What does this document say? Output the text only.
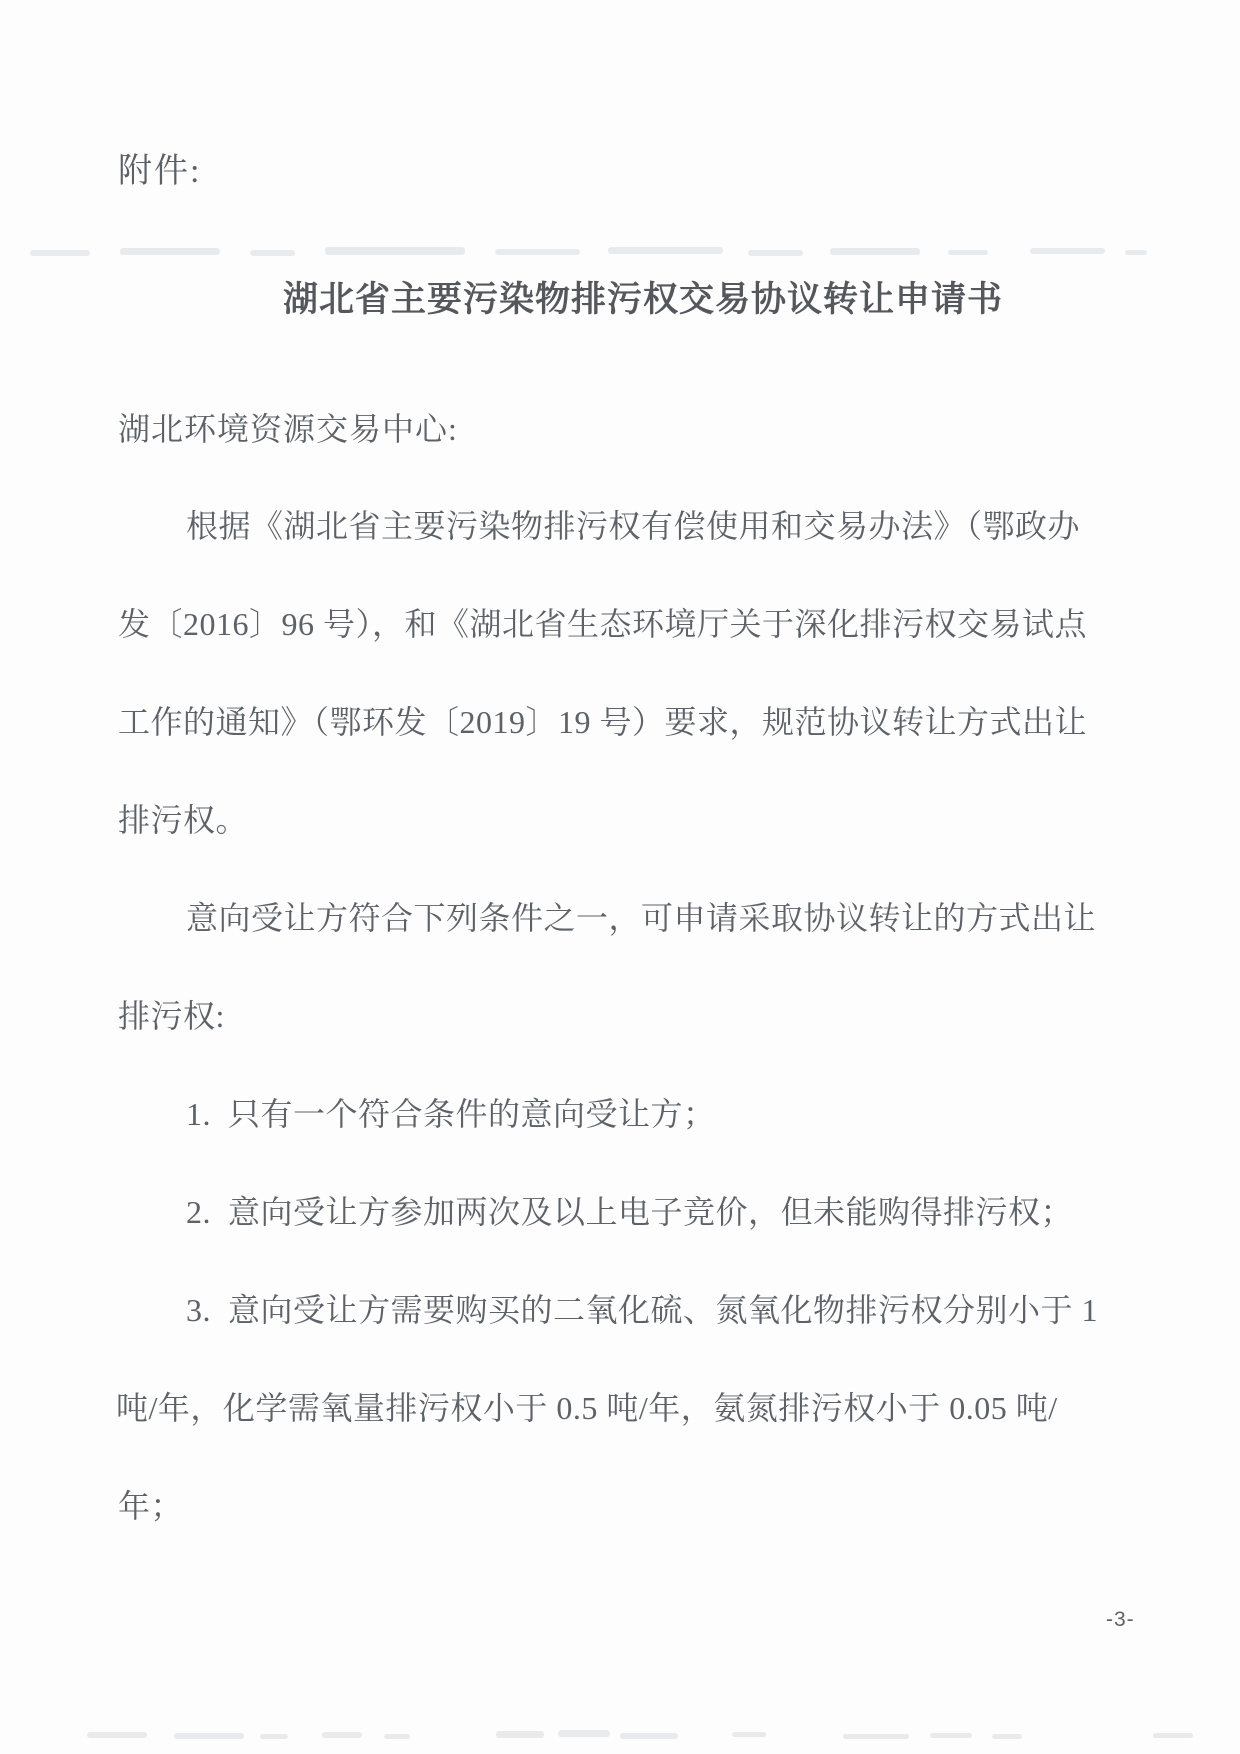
附件:
湖北省主要污染物排污权交易协议转让申请书
湖北环境资源交易中心:
根据《湖北省主要污染物排污权有偿使用和交易办法》（鄂政办
发〔2016〕96 号），和《湖北省生态环境厅关于深化排污权交易试点
工作的通知》（鄂环发〔2019〕19 号）要求，规范协议转让方式出让
排污权。
意向受让方符合下列条件之一，可申请采取协议转让的方式出让
排污权:
1.  只有一个符合条件的意向受让方；
2.  意向受让方参加两次及以上电子竞价，但未能购得排污权；
3.  意向受让方需要购买的二氧化硫、氮氧化物排污权分别小于 1
吨/年，化学需氧量排污权小于 0.5 吨/年，氨氮排污权小于 0.05 吨/
年；
-3-
